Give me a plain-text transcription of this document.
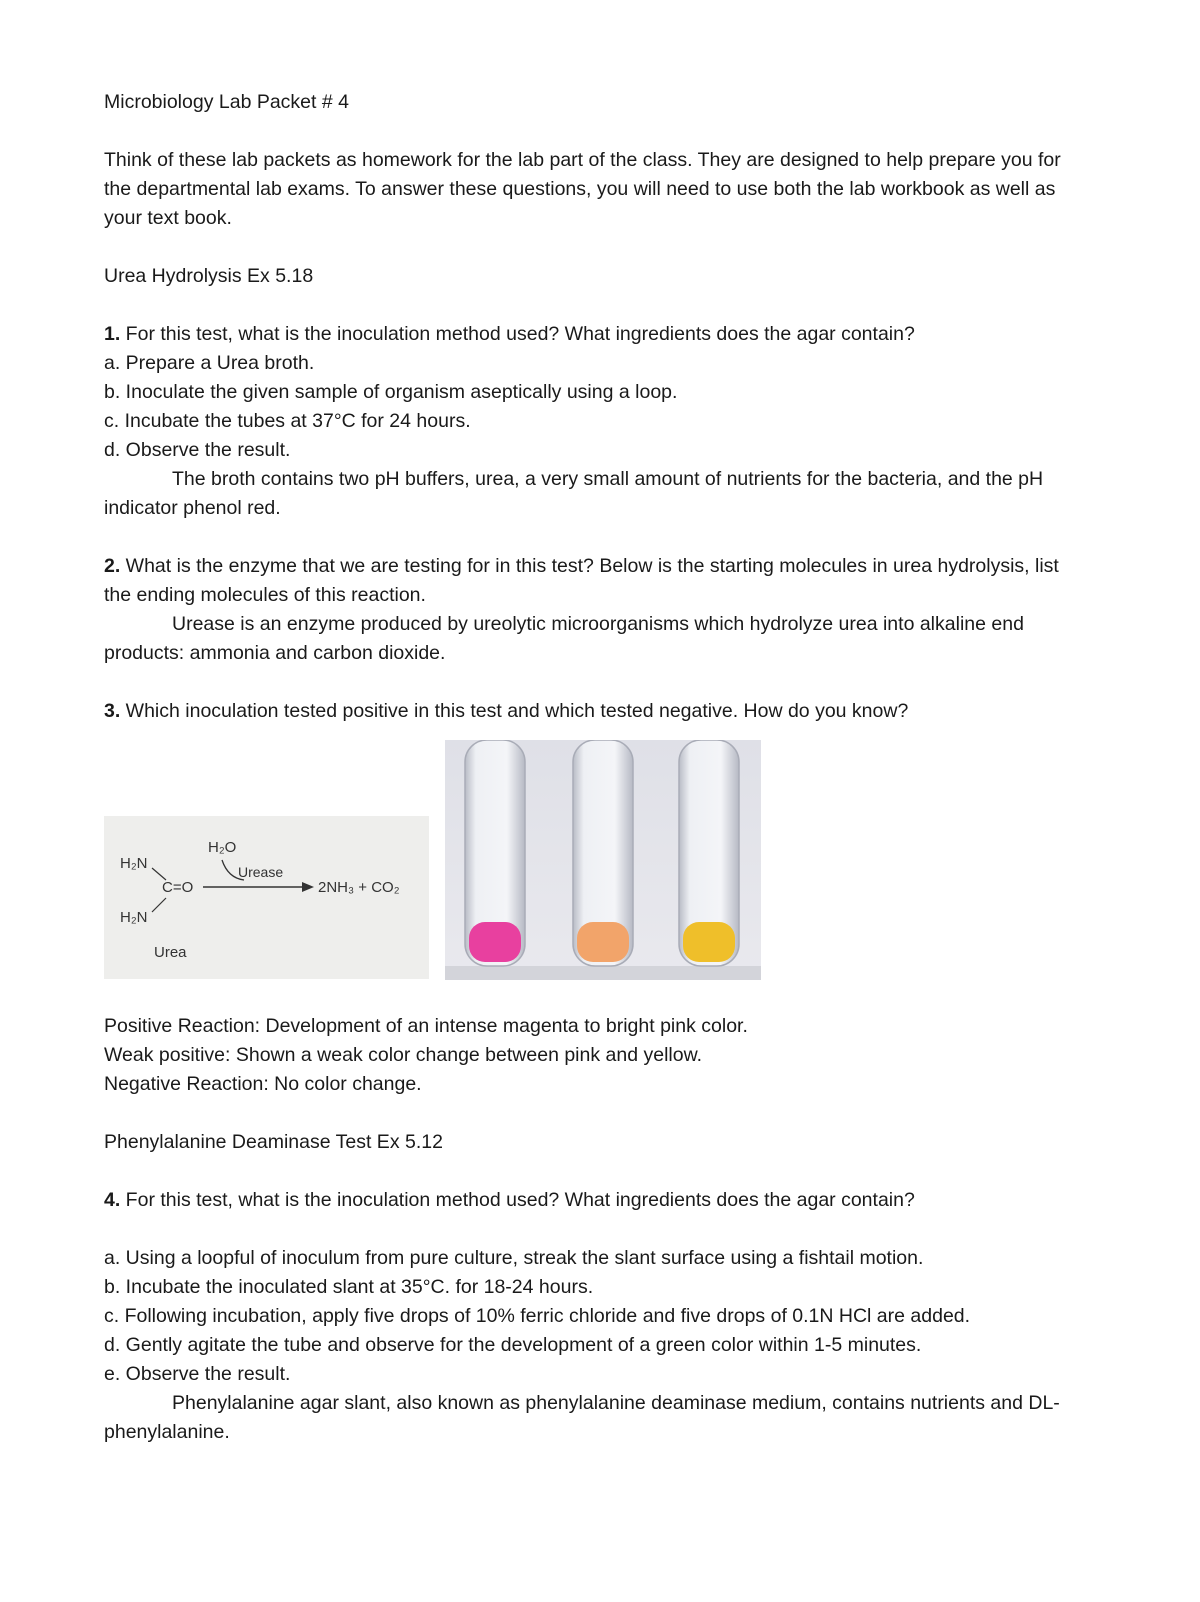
Microbiology Lab Packet # 4

Think of these lab packets as homework for the lab part of the class. They are designed to help prepare you for the departmental lab exams. To answer these questions, you will need to use both the lab workbook as well as your text book.

Urea Hydrolysis Ex 5.18

1. For this test, what is the inoculation method used? What ingredients does the agar contain?

a. Prepare a Urea broth.

b. Inoculate the given sample of organism aseptically using a loop.

c. Incubate the tubes at 37°C for 24 hours.

d. Observe the result.

The broth contains two pH buffers, urea, a very small amount of nutrients for the bacteria, and the pH indicator phenol red.

2. What is the enzyme that we are testing for in this test? Below is the starting molecules in urea hydrolysis, list the ending molecules of this reaction.

Urease is an enzyme produced by ureolytic microorganisms which hydrolyze urea into alkaline end products: ammonia and carbon dioxide.

3. Which inoculation tested positive in this test and which tested negative. How do you know?

H₂O
H₂N
C=O
H₂N
Urease
2NH₃ + CO₂
Urea

Positive Reaction: Development of an intense magenta to bright pink color.

Weak positive: Shown a weak color change between pink and yellow.

Negative Reaction: No color change.

Phenylalanine Deaminase Test Ex 5.12

4. For this test, what is the inoculation method used? What ingredients does the agar contain?

a. Using a loopful of inoculum from pure culture, streak the slant surface using a fishtail motion.

b. Incubate the inoculated slant at 35°C. for 18-24 hours.

c. Following incubation, apply five drops of 10% ferric chloride and five drops of 0.1N HCl are added.

d. Gently agitate the tube and observe for the development of a green color within 1-5 minutes.

e. Observe the result.

Phenylalanine agar slant, also known as phenylalanine deaminase medium, contains nutrients and DL-phenylalanine.
